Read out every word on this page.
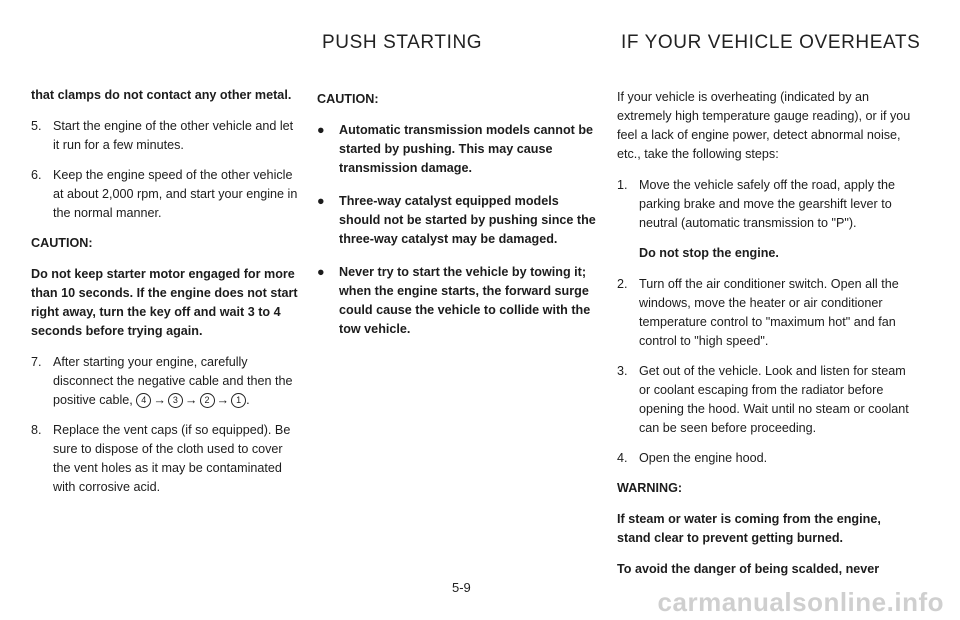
PUSH STARTING	IF YOUR VEHICLE OVERHEATS

that clamps do not contact any other metal.

5. Start the engine of the other vehicle and let it run for a few minutes.
6. Keep the engine speed of the other vehicle at about 2,000 rpm, and start your engine in the normal manner.

CAUTION:

Do not keep starter motor engaged for more than 10 seconds. If the engine does not start right away, turn the key off and wait 3 to 4 seconds before trying again.

7. After starting your engine, carefully disconnect the negative cable and then the positive cable, 4 → 3 → 2 → 1 .
8. Replace the vent caps (if so equipped). Be sure to dispose of the cloth used to cover the vent holes as it may be contaminated with corrosive acid.

CAUTION:

●	Automatic transmission models cannot be started by pushing. This may cause transmission damage.
●	Three-way catalyst equipped models should not be started by pushing since the three-way catalyst may be damaged.
●	Never try to start the vehicle by towing it; when the engine starts, the forward surge could cause the vehicle to collide with the tow vehicle.

If your vehicle is overheating (indicated by an extremely high temperature gauge reading), or if you feel a lack of engine power, detect abnormal noise, etc., take the following steps:

1. Move the vehicle safely off the road, apply the parking brake and move the gearshift lever to neutral (automatic transmission to "P").

Do not stop the engine.

2. Turn off the air conditioner switch. Open all the windows, move the heater or air conditioner temperature control to "maximum hot" and fan control to "high speed".
3. Get out of the vehicle. Look and listen for steam or coolant escaping from the radiator before opening the hood. Wait until no steam or coolant can be seen before proceeding.
4. Open the engine hood.

WARNING:

If steam or water is coming from the engine, stand clear to prevent getting burned.

To avoid the danger of being scalded, never

5-9	carmanualsonline.info
